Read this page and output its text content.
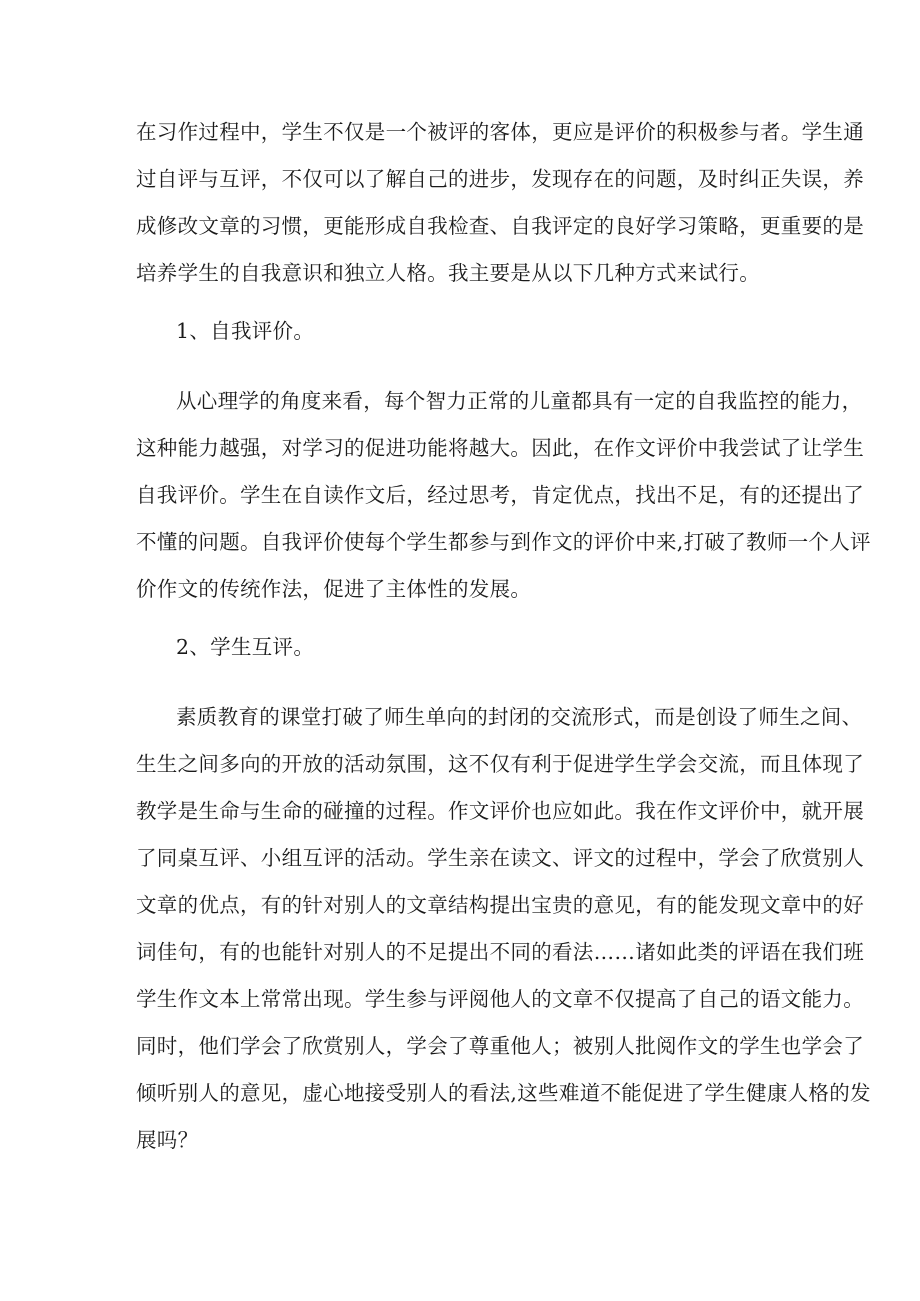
在习作过程中，学生不仅是一个被评的客体，更应是评价的积极参与者。学生通
过自评与互评，不仅可以了解自己的进步，发现存在的问题，及时纠正失误，养
成修改文章的习惯，更能形成自我检查、自我评定的良好学习策略，更重要的是
培养学生的自我意识和独立人格。我主要是从以下几种方式来试行。
1、自我评价。
从心理学的角度来看，每个智力正常的儿童都具有一定的自我监控的能力，
这种能力越强，对学习的促进功能将越大。因此，在作文评价中我尝试了让学生
自我评价。学生在自读作文后，经过思考，肯定优点，找出不足，有的还提出了
不懂的问题。自我评价使每个学生都参与到作文的评价中来,打破了教师一个人评
价作文的传统作法，促进了主体性的发展。
2、学生互评。
素质教育的课堂打破了师生单向的封闭的交流形式，而是创设了师生之间、
生生之间多向的开放的活动氛围，这不仅有利于促进学生学会交流，而且体现了
教学是生命与生命的碰撞的过程。作文评价也应如此。我在作文评价中，就开展
了同桌互评、小组互评的活动。学生亲在读文、评文的过程中，学会了欣赏别人
文章的优点，有的针对别人的文章结构提出宝贵的意见，有的能发现文章中的好
词佳句，有的也能针对别人的不足提出不同的看法……诸如此类的评语在我们班
学生作文本上常常出现。学生参与评阅他人的文章不仅提高了自己的语文能力。
同时，他们学会了欣赏别人，学会了尊重他人；被别人批阅作文的学生也学会了
倾听别人的意见，虚心地接受别人的看法,这些难道不能促进了学生健康人格的发
展吗？
